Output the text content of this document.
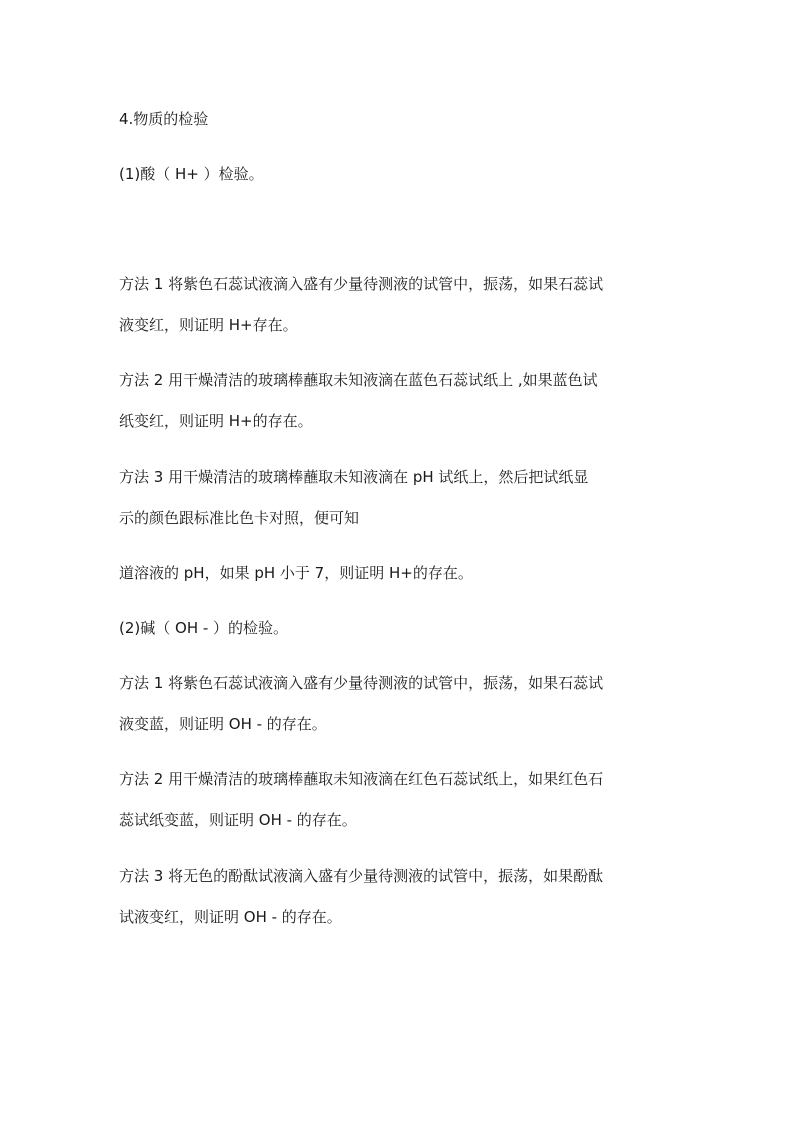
4.物质的检验
(1)酸（ H+ ）检验。
方法 1 将紫色石蕊试液滴入盛有少量待测液的试管中，振荡，如果石蕊试
液变红，则证明 H+存在。
方法 2 用干燥清洁的玻璃棒蘸取未知液滴在蓝色石蕊试纸上 ,如果蓝色试
纸变红，则证明 H+的存在。
方法 3 用干燥清洁的玻璃棒蘸取未知液滴在 pH 试纸上，然后把试纸显
示的颜色跟标准比色卡对照，便可知
道溶液的 pH，如果 pH 小于 7，则证明 H+的存在。
(2)碱（ OH - ）的检验。
方法 1 将紫色石蕊试液滴入盛有少量待测液的试管中，振荡，如果石蕊试
液变蓝，则证明 OH - 的存在。
方法 2 用干燥清洁的玻璃棒蘸取未知液滴在红色石蕊试纸上，如果红色石
蕊试纸变蓝，则证明 OH - 的存在。
方法 3 将无色的酚酞试液滴入盛有少量待测液的试管中，振荡，如果酚酞
试液变红，则证明 OH - 的存在。
